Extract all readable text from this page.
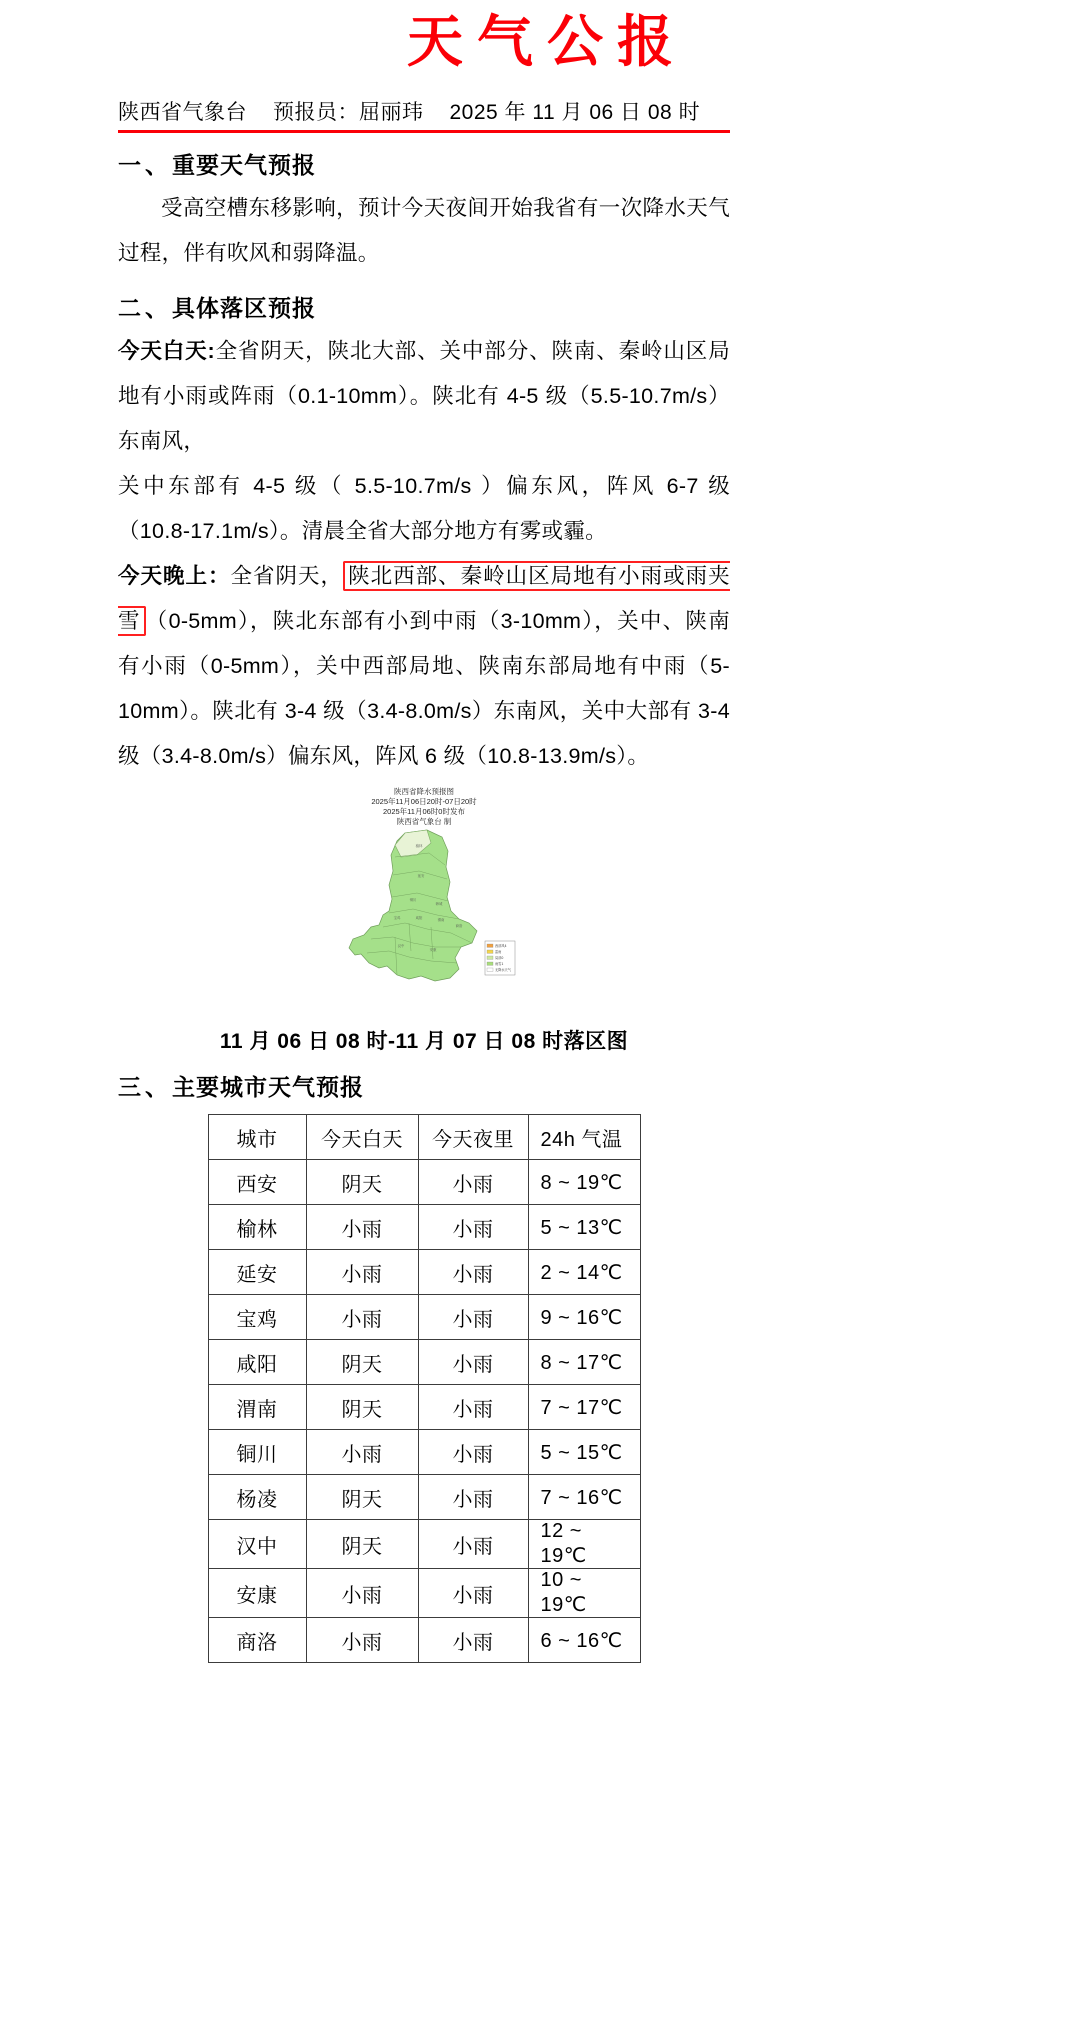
天气公报
陕西省气象台 预报员：屈丽玮 2025 年 11 月 06 日 08 时
一、重要天气预报

受高空槽东移影响，预计今天夜间开始我省有一次降水天气过程，伴有吹风和弱降温。

二、具体落区预报

今天白天:全省阴天，陕北大部、关中部分、陕南、秦岭山区局地有小雨或阵雨（0.1-10mm）。陕北有 4-5 级（5.5-10.7m/s）东南风，
关中东部有 4-5 级（ 5.5-10.7m/s ）偏东风，阵风 6-7 级
（10.8-17.1m/s）。清晨全省大部分地方有雾或霾。

今天晚上：全省阴天， 陕北西部、秦岭山区局地有小雨或雨夹雪 （0-5mm），陕北东部有小到中雨（3-10mm），关中、陕南有小雨（0-5mm），关中西部局地、陕南东部局地有中雨（5-10mm）。陕北有 3-4 级（3.4-8.0m/s）东南风，关中大部有 3-4 级（3.4-8.0m/s）偏东风，阵风 6 级（10.8-13.9m/s）。

陕西省降水预报图
2025年11月06日20时-07日20时
2025年11月06时0时发布
陕西省气象台 制
榆林
延安
铜川
韩城
宝鸡	咸阳	渭南
商洛
汉中
安康
西部风4
雷雨
局部0
雨雪1
无降水天气
11 月 06 日 08 时-11 月 07 日 08 时落区图
三、主要城市天气预报
城市	今天白天	今天夜里	24h 气温
西安	阴天	小雨	8 ~ 19℃
榆林	小雨	小雨	5 ~ 13℃
延安	小雨	小雨	2 ~ 14℃
宝鸡	小雨	小雨	9 ~ 16℃
咸阳	阴天	小雨	8 ~ 17℃
渭南	阴天	小雨	7 ~ 17℃
铜川	小雨	小雨	5 ~ 15℃
杨凌	阴天	小雨	7 ~ 16℃
汉中	阴天	小雨	12 ~ 19℃
安康	小雨	小雨	10 ~ 19℃
商洛	小雨	小雨	6 ~ 16℃
